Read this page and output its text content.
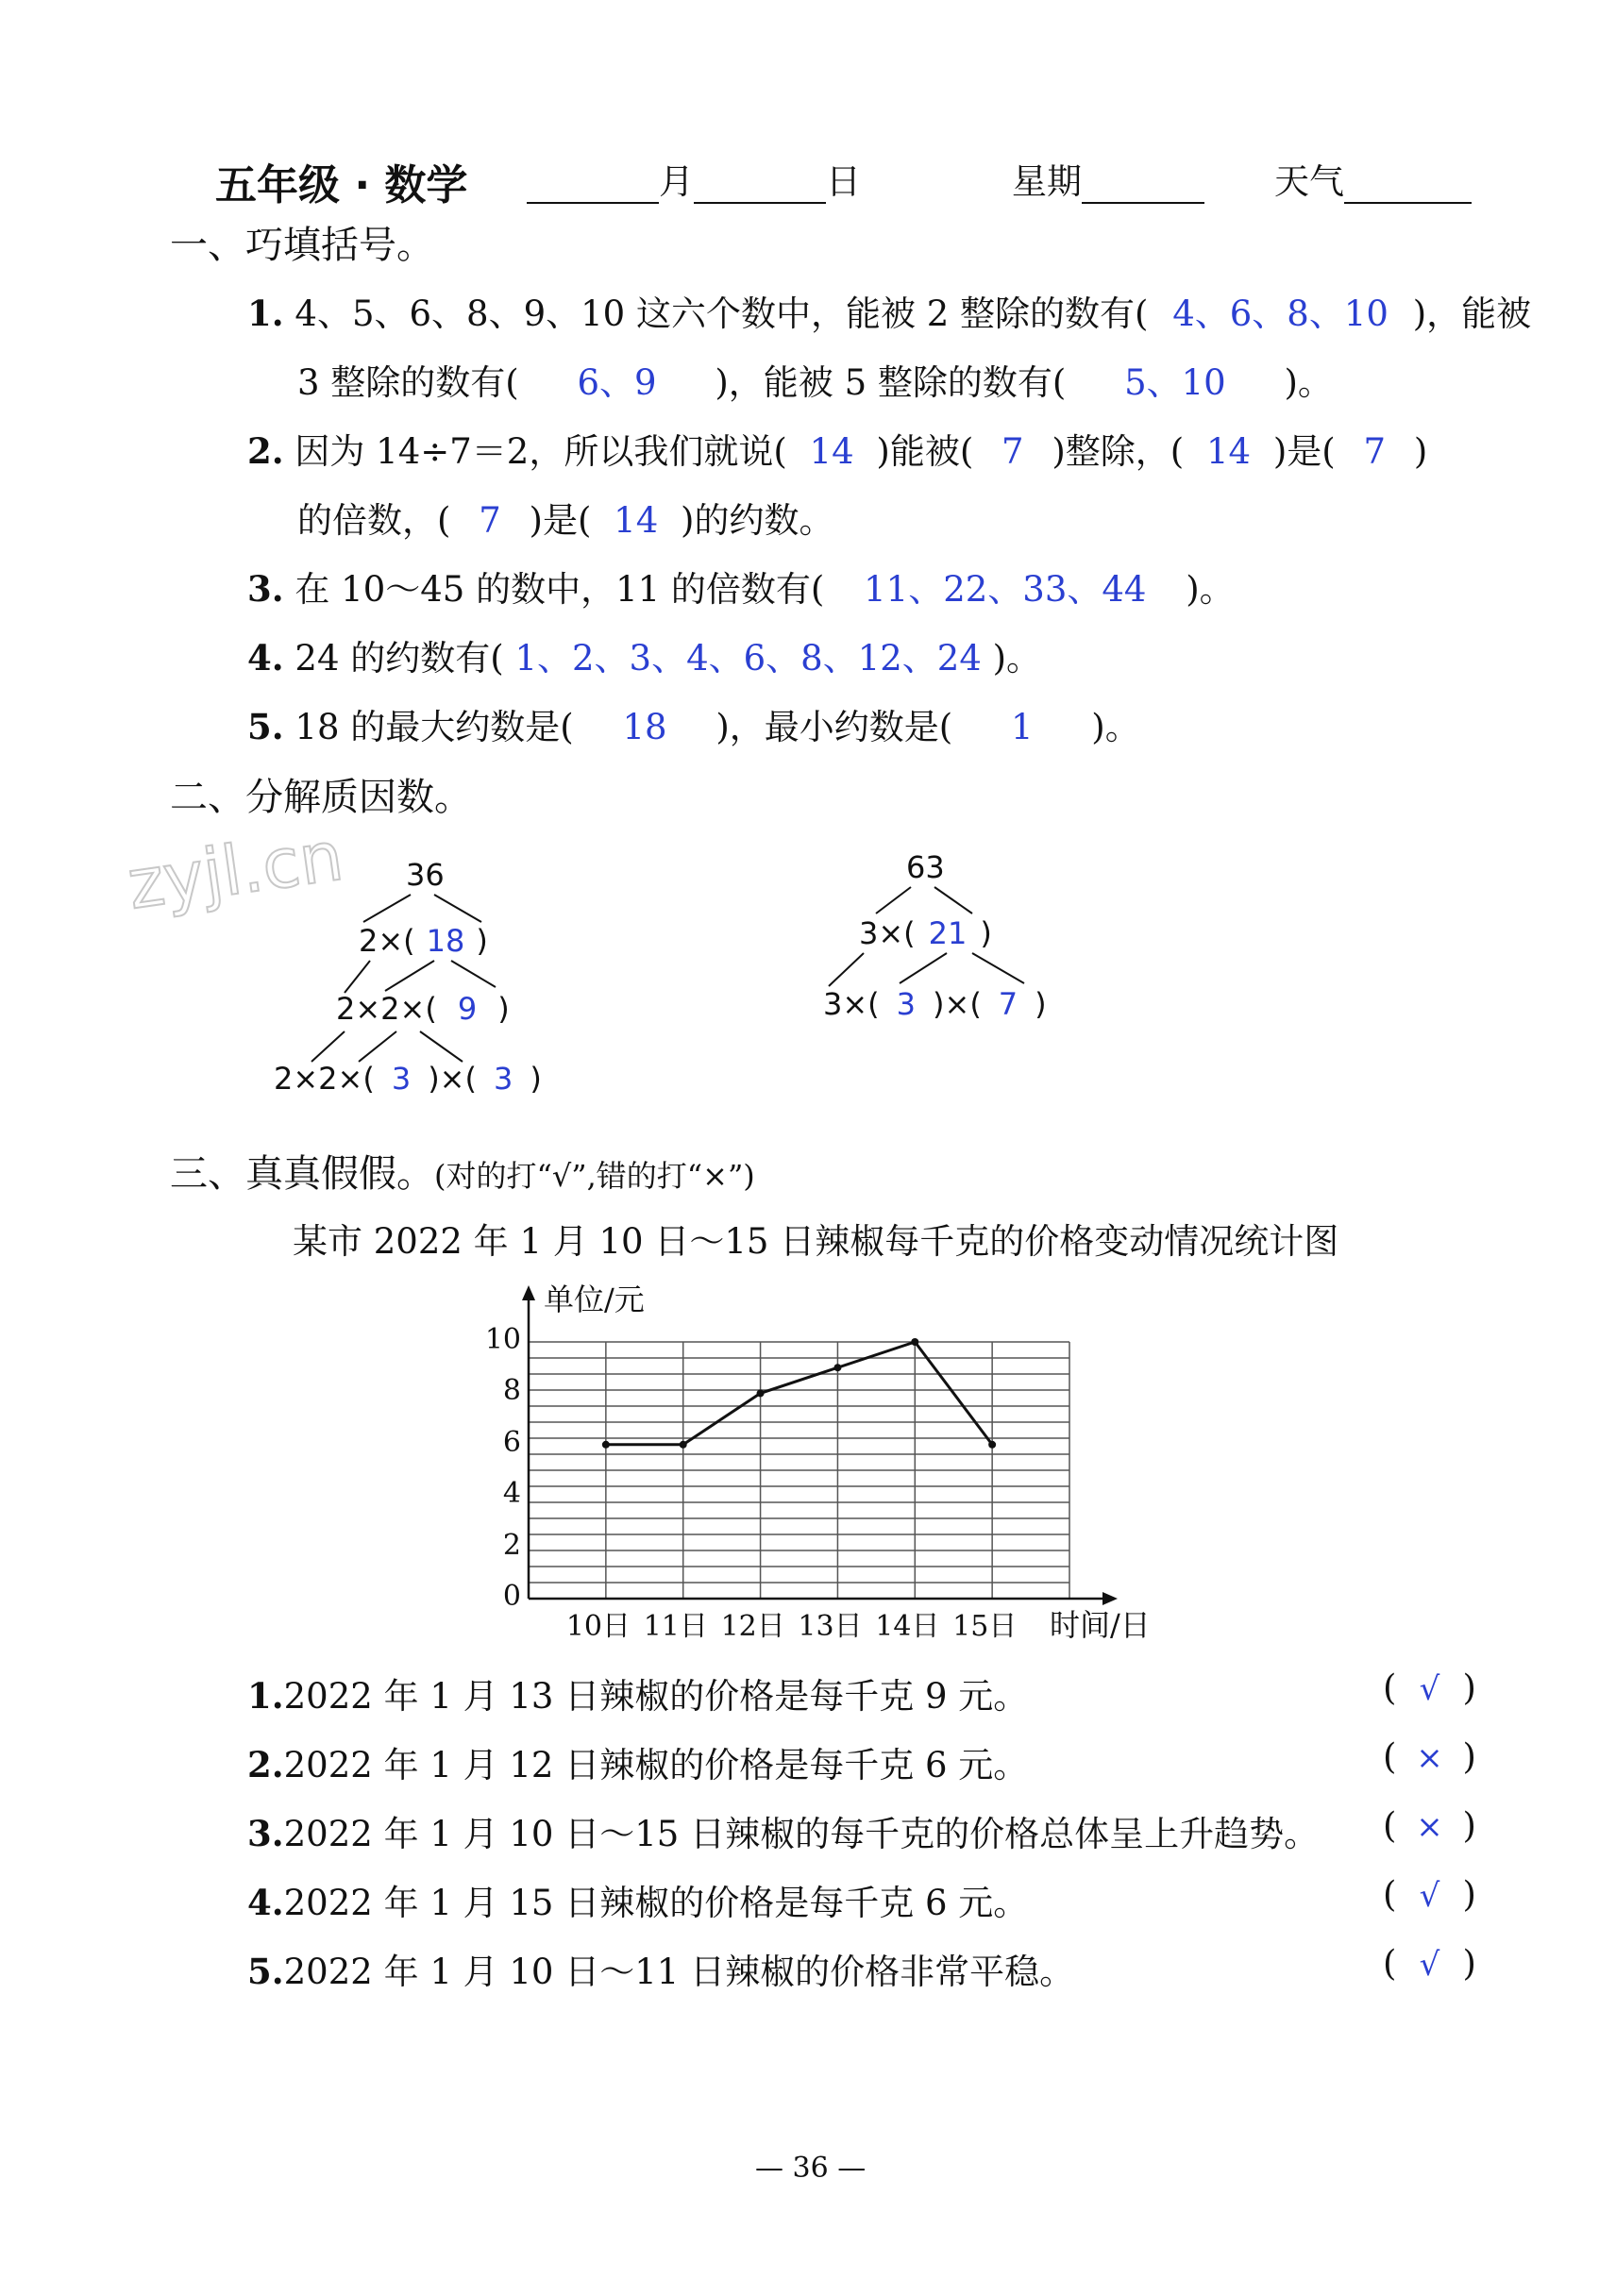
五年级 · 数学	月	日	星期	天气
一、巧填括号。
1. 4、5、6、8、9、10 这六个数中，能被 2 整除的数有( 4、6、8、10 )，能被
3 整除的数有( 6、9 )，能被 5 整除的数有( 5、10 )。
2. 因为 14÷7＝2，所以我们就说( 14 )能被( 7 )整除，( 14 )是( 7 )
的倍数，( 7 )是( 14 )的约数。
3. 在 10～45 的数中，11 的倍数有( 11、22、33、44 )。
4. 24 的约数有( 1、2、3、4、6、8、12、24 )。
5. 18 的最大约数是( 18 )，最小约数是( 1 )。
二、分解质因数。
zyjl.cn 36
2×( 18 )
2×2×( 9 )
2×2×( 3 )×( 3 )
63
3×( 21 )
3×( 3 )×( 7 )
三、真真假假。(对的打“√”,错的打“×”)
某市 2022 年 1 月 10 日～15 日辣椒每千克的价格变动情况统计图
单位/元
时间/日
10日 11日 12日 13日 14日 15日
0
2
4
6
8
10
1.2022 年 1 月 13 日辣椒的价格是每千克 9 元。	( √ )
2.2022 年 1 月 12 日辣椒的价格是每千克 6 元。	( × )
3.2022 年 1 月 10 日～15 日辣椒的每千克的价格总体呈上升趋势。 ( × )
4.2022 年 1 月 15 日辣椒的价格是每千克 6 元。	( √ )
5.2022 年 1 月 10 日～11 日辣椒的价格非常平稳。	( √ )
— 36 —
